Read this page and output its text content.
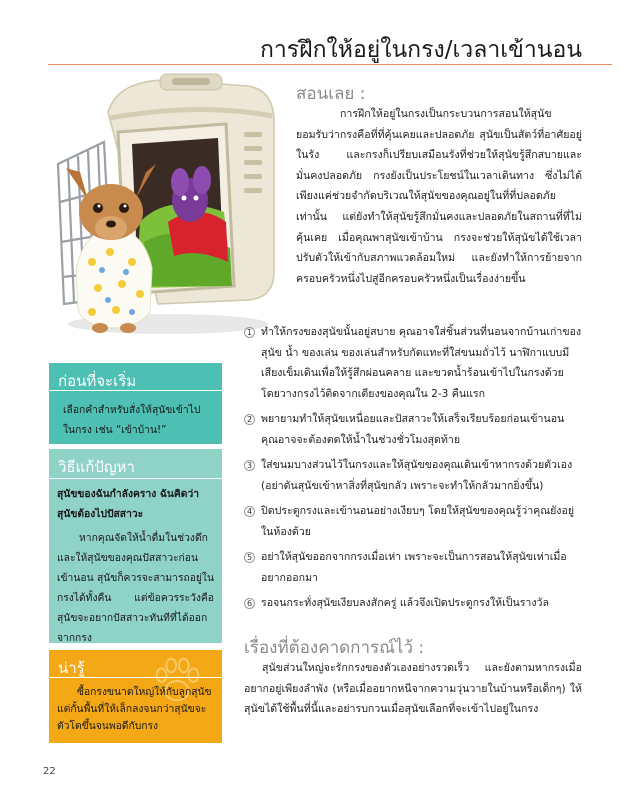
การฝึกให้อยู่ในกรง/เวลาเข้านอน
สอนเลย :

การฝึกให้อยู่ในกรงเป็นกระบวนการสอนให้สุนัขยอมรับว่ากรงคือที่ที่คุ้นเคยและปลอดภัย สุนัขเป็นสัตว์ที่อาศัยอยู่ในรัง และกรงก็เปรียบเสมือนรังที่ช่วยให้สุนัขรู้สึกสบายและมั่นคงปลอดภัย กรงยังเป็นประโยชน์ในเวลาเดินทาง ซึ่งไม่ได้เพียงแค่ช่วยจำกัดบริเวณให้สุนัขของคุณอยู่ในที่ที่ปลอดภัยเท่านั้น แต่ยังทำให้สุนัขรู้สึกมั่นคงและปลอดภัยในสถานที่ที่ไม่คุ้นเคย เมื่อคุณพาสุนัขเข้าบ้าน กรงจะช่วยให้สุนัขได้ใช้เวลาปรับตัวให้เข้ากับสภาพแวดล้อมใหม่ และยังทำให้การย้ายจากครอบครัวหนึ่งไปสู่อีกครอบครัวหนึ่งเป็นเรื่องง่ายขึ้น

1 ทำให้กรงของสุนัขนั้นอยู่สบาย คุณอาจใส่ชิ้นส่วนที่นอนจากบ้านเก่าของสุนัข น้ำ ของเล่น ของเล่นสำหรับกัดแทะที่ใส่ขนมถั่วไว้ นาฬิกาแบบมีเสียงเข็มเดินเพื่อให้รู้สึกผ่อนคลาย และขวดน้ำร้อนเข้าไปในกรงด้วย โดยวางกรงไว้ติดจากเตียงของคุณใน 2-3 คืนแรก
2 พยายามทำให้สุนัขเหนื่อยและปัสสาวะให้เสร็จเรียบร้อยก่อนเข้านอน คุณอาจจะต้องตดให้น้ำในช่วงชั่วโมงสุดท้าย
3 ใส่ขนมบางส่วนไว้ในกรงและให้สุนัขของคุณเดินเข้าหากรงด้วยตัวเอง (อย่าดันสุนัขเข้าหาสิ่งที่สุนัขกลัว เพราะจะทำให้กลัวมากยิ่งขึ้น)
4 ปิดประตูกรงและเข้านอนอย่างเงียบๆ โดยให้สุนัขของคุณรู้ว่าคุณยังอยู่ในห้องด้วย
5 อย่าให้สุนัขออกจากกรงเมื่อเห่า เพราะจะเป็นการสอนให้สุนัขเห่าเมื่ออยากออกมา
6 รอจนกระทั่งสุนัขเงียบลงสักครู่ แล้วจึงเปิดประตูกรงให้เป็นรางวัล
เรื่องที่ต้องคาดการณ์ไว้ :

สุนัขส่วนใหญ่จะรักกรงของตัวเองอย่างรวดเร็ว และยังตามหากรงเมื่ออยากอยู่เพียงลำพัง (หรือเมื่ออยากหนีจากความวุ่นวายในบ้านหรือเด็กๆ) ให้สุนัขได้ใช้พื้นที่นี้และอย่ารบกวนเมื่อสุนัขเลือกที่จะเข้าไปอยู่ในกรง

ก่อนที่จะเริ่ม
เลือกคำสำหรับสั่งให้สุนัขเข้าไปในกรง เช่น “เข้าบ้าน!”
วิธีแก้ปัญหา
สุนัขของฉันกำลังคราง ฉันคิดว่าสุนัขต้องไปปัสสาวะ
หากคุณจัดให้น้ำดื่มในช่วงดึกและให้สุนัขของคุณปัสสาวะก่อนเข้านอน สุนัขก็ควรจะสามารถอยู่ในกรงได้ทั้งคืน แต่ข้อควรระวังคือ สุนัขจะอยากปัสสาวะทันทีที่ได้ออกจากกรง
น่ารู้
ซื้อกรงขนาดใหญ่ให้กับลูกสุนัข แต่กั้นพื้นที่ให้เล็กลงจนกว่าสุนัขจะตัวโตขึ้นจนพอดีกับกรง
22
